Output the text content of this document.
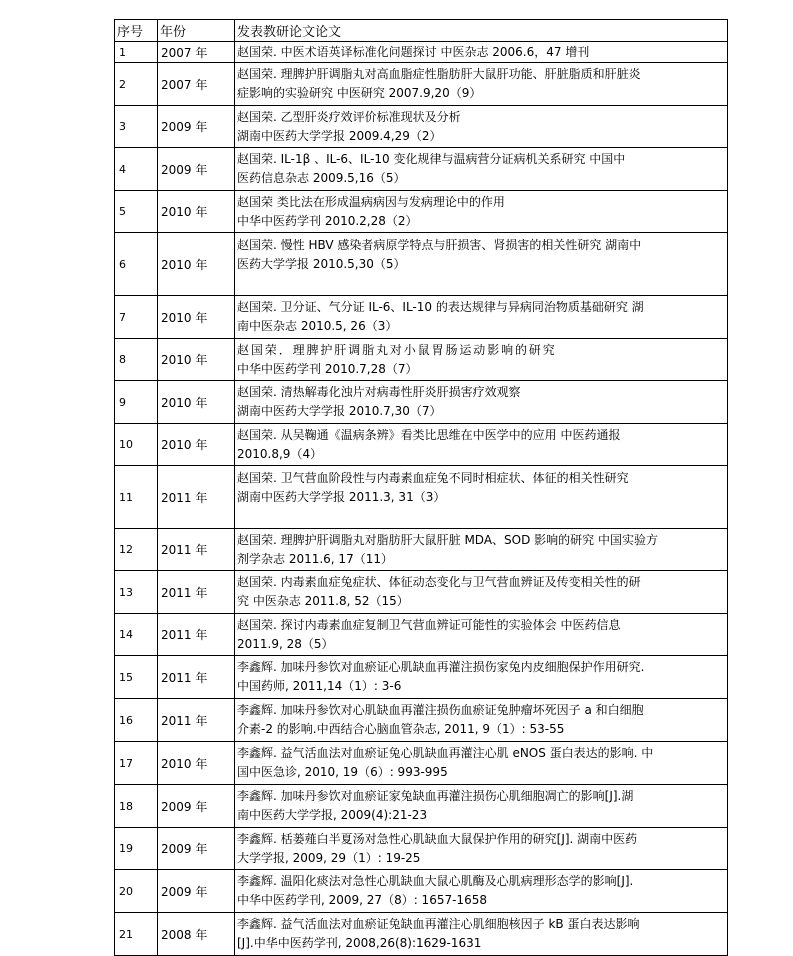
序号	年份	发表教研论文论文
1	2007 年	赵国荣. 中医术语英译标准化问题探讨 中医杂志 2006.6，47 增刊

2	2007 年	赵国荣. 理脾护肝调脂丸对高血脂症性脂肪肝大鼠肝功能、肝脏脂质和肝脏炎
症影响的实验研究 中医研究 2007.9,20（9）

3	2009 年	赵国荣. 乙型肝炎疗效评价标准现状及分析
湖南中医药大学学报 2009.4,29（2）

4	2009 年	赵国荣. IL-1β 、IL-6、IL-10 变化规律与温病营分证病机关系研究 中国中
医药信息杂志 2009.5,16（5）

5	2010 年	赵国荣 类比法在形成温病病因与发病理论中的作用
中华中医药学刊 2010.2,28（2）

6	2010 年	赵国荣. 慢性 HBV 感染者病原学特点与肝损害、肾损害的相关性研究 湖南中
医药大学学报 2010.5,30（5）

7	2010 年	赵国荣. 卫分证、气分证 IL-6、IL-10 的表达规律与异病同治物质基础研究 湖
南中医杂志 2010.5, 26（3）

8	2010 年	赵国荣．理脾护肝调脂丸对小鼠胃肠运动影响的研究
中华中医药学刊 2010.7,28（7）

9	2010 年	赵国荣. 清热解毒化浊片对病毒性肝炎肝损害疗效观察
湖南中医药大学学报 2010.7,30（7）

10	2010 年	赵国荣. 从吴鞠通《温病条辨》看类比思维在中医学中的应用 中医药通报
2010.8,9（4）

11	2011 年	赵国荣. 卫气营血阶段性与内毒素血症兔不同时相症状、体征的相关性研究
湖南中医药大学学报 2011.3, 31（3）

12	2011 年	赵国荣. 理脾护肝调脂丸对脂肪肝大鼠肝脏 MDA、SOD 影响的研究 中国实验方
剂学杂志 2011.6, 17（11）

13	2011 年	赵国荣. 内毒素血症兔症状、体征动态变化与卫气营血辨证及传变相关性的研
究 中医杂志 2011.8, 52（15）

14	2011 年	赵国荣. 探讨内毒素血症复制卫气营血辨证可能性的实验体会 中医药信息
2011.9, 28（5）

15	2011 年	李鑫辉. 加味丹参饮对血瘀证心肌缺血再灌注损伤家兔内皮细胞保护作用研究.
中国药师, 2011,14（1）: 3-6

16	2011 年	李鑫辉. 加味丹参饮对心肌缺血再灌注损伤血瘀证兔肿瘤坏死因子 a 和白细胞
介素-2 的影响.中西结合心脑血管杂志, 2011, 9（1）: 53-55

17	2010 年	李鑫辉. 益气活血法对血瘀证兔心肌缺血再灌注心肌 eNOS 蛋白表达的影响. 中
国中医急诊, 2010, 19（6）: 993-995

18	2009 年	李鑫辉. 加味丹参饮对血瘀证家兔缺血再灌注损伤心肌细胞凋亡的影响[J].湖
南中医药大学学报, 2009(4):21-23

19	2009 年	李鑫辉. 栝蒌薤白半夏汤对急性心肌缺血大鼠保护作用的研究[J]. 湖南中医药
大学学报, 2009, 29（1）: 19-25

20	2009 年	李鑫辉. 温阳化痰法对急性心肌缺血大鼠心肌酶及心肌病理形态学的影响[J].
中华中医药学刊, 2009, 27（8）: 1657-1658

21	2008 年	李鑫辉. 益气活血法对血瘀证兔缺血再灌注心肌细胞核因子 kB 蛋白表达影响
[J].中华中医药学刊, 2008,26(8):1629-1631
